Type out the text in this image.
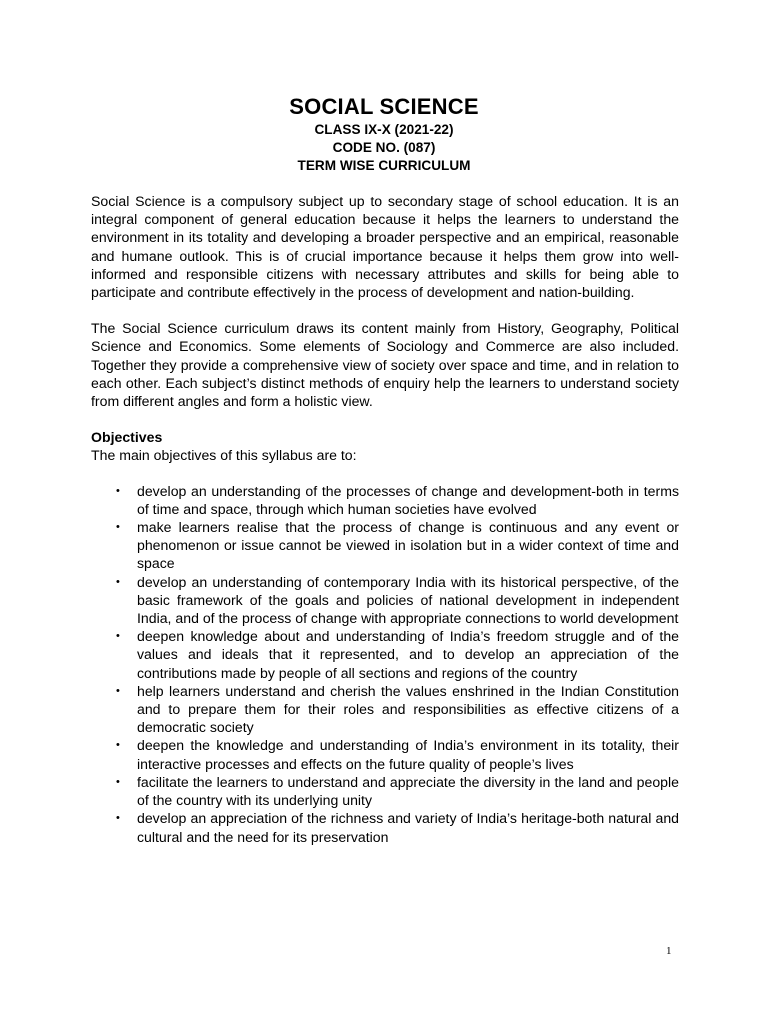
SOCIAL SCIENCE
CLASS IX-X (2021-22)
CODE NO. (087)
TERM WISE CURRICULUM

Social Science is a compulsory subject up to secondary stage of school education. It is an integral component of general education because it helps the learners to understand the environment in its totality and developing a broader perspective and an empirical, reasonable and humane outlook. This is of crucial importance because it helps them grow into well-informed and responsible citizens with necessary attributes and skills for being able to participate and contribute effectively in the process of development and nation-building.

The Social Science curriculum draws its content mainly from History, Geography, Political Science and Economics. Some elements of Sociology and Commerce are also included. Together they provide a comprehensive view of society over space and time, and in relation to each other. Each subject’s distinct methods of enquiry help the learners to understand society from different angles and form a holistic view.

Objectives

The main objectives of this syllabus are to:

• develop an understanding of the processes of change and development-both in terms of time and space, through which human societies have evolved
• make learners realise that the process of change is continuous and any event or phenomenon or issue cannot be viewed in isolation but in a wider context of time and space
• develop an understanding of contemporary India with its historical perspective, of the basic framework of the goals and policies of national development in independent India, and of the process of change with appropriate connections to world development
• deepen knowledge about and understanding of India’s freedom struggle and of the values and ideals that it represented, and to develop an appreciation of the contributions made by people of all sections and regions of the country
• help learners understand and cherish the values enshrined in the Indian Constitution and to prepare them for their roles and responsibilities as effective citizens of a democratic society
• deepen the knowledge and understanding of India’s environment in its totality, their interactive processes and effects on the future quality of people’s lives
• facilitate the learners to understand and appreciate the diversity in the land and people of the country with its underlying unity
• develop an appreciation of the richness and variety of India’s heritage-both natural and cultural and the need for its preservation
1
